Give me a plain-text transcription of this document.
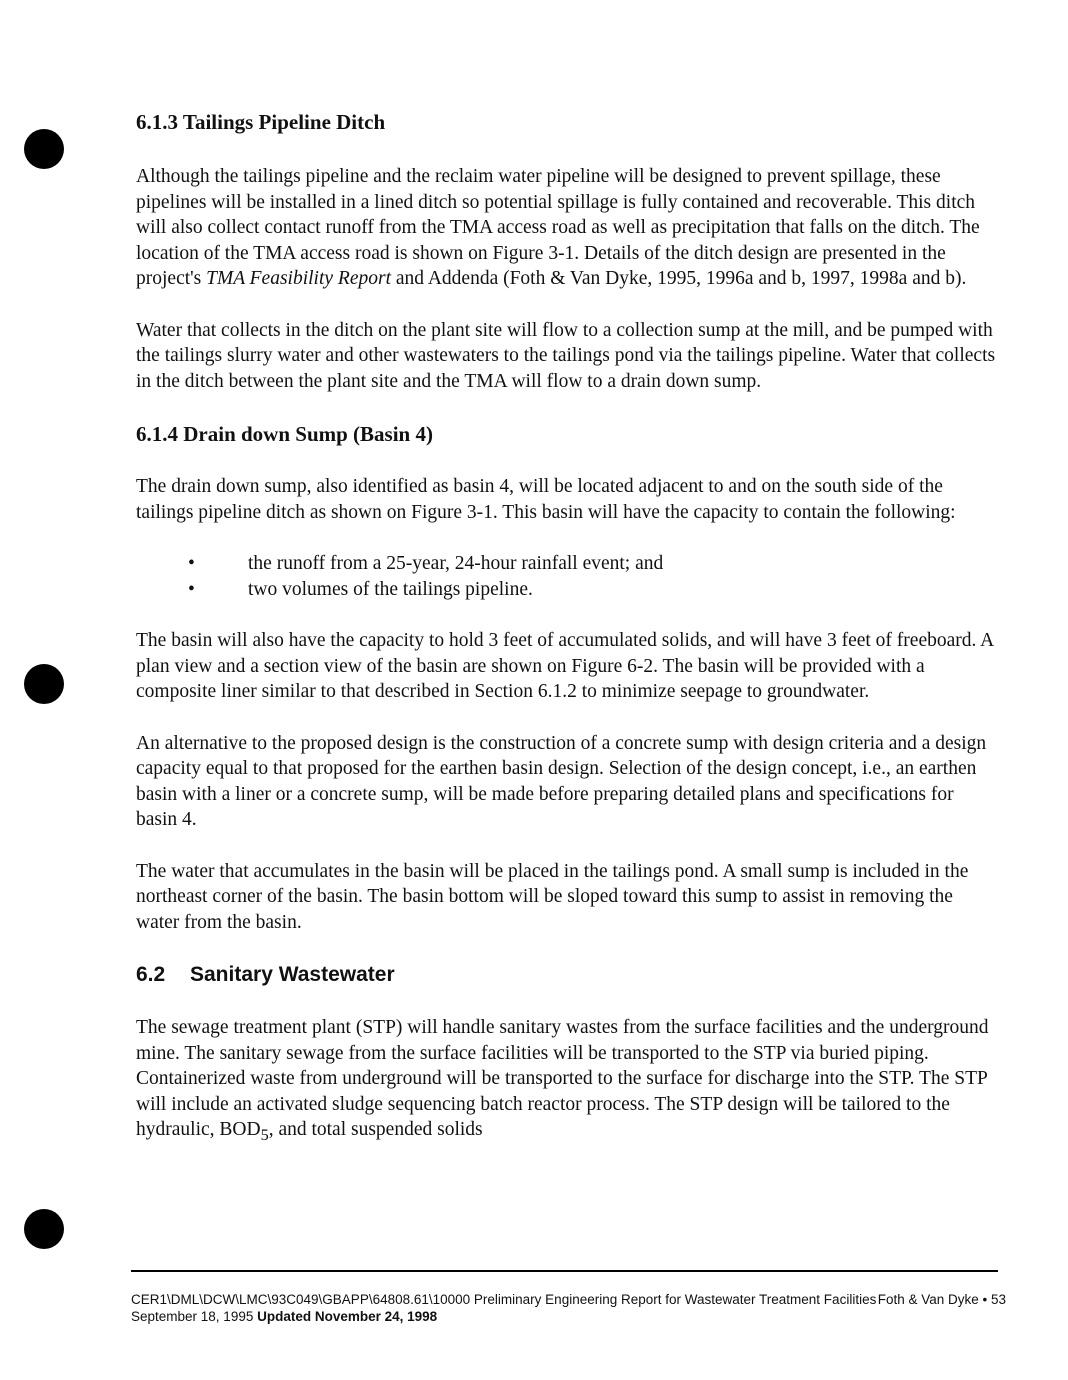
6.1.3 Tailings Pipeline Ditch

Although the tailings pipeline and the reclaim water pipeline will be designed to prevent spillage, these pipelines will be installed in a lined ditch so potential spillage is fully contained and recoverable. This ditch will also collect contact runoff from the TMA access road as well as precipitation that falls on the ditch. The location of the TMA access road is shown on Figure 3-1. Details of the ditch design are presented in the project's TMA Feasibility Report and Addenda (Foth & Van Dyke, 1995, 1996a and b, 1997, 1998a and b).

Water that collects in the ditch on the plant site will flow to a collection sump at the mill, and be pumped with the tailings slurry water and other wastewaters to the tailings pond via the tailings pipeline. Water that collects in the ditch between the plant site and the TMA will flow to a drain down sump.

6.1.4 Drain down Sump (Basin 4)

The drain down sump, also identified as basin 4, will be located adjacent to and on the south side of the tailings pipeline ditch as shown on Figure 3-1. This basin will have the capacity to contain the following:

•	the runoff from a 25-year, 24-hour rainfall event; and
•	two volumes of the tailings pipeline.

The basin will also have the capacity to hold 3 feet of accumulated solids, and will have 3 feet of freeboard. A plan view and a section view of the basin are shown on Figure 6-2. The basin will be provided with a composite liner similar to that described in Section 6.1.2 to minimize seepage to groundwater.

An alternative to the proposed design is the construction of a concrete sump with design criteria and a design capacity equal to that proposed for the earthen basin design. Selection of the design concept, i.e., an earthen basin with a liner or a concrete sump, will be made before preparing detailed plans and specifications for basin 4.

The water that accumulates in the basin will be placed in the tailings pond. A small sump is included in the northeast corner of the basin. The basin bottom will be sloped toward this sump to assist in removing the water from the basin.

6.2 Sanitary Wastewater

The sewage treatment plant (STP) will handle sanitary wastes from the surface facilities and the underground mine. The sanitary sewage from the surface facilities will be transported to the STP via buried piping. Containerized waste from underground will be transported to the surface for discharge into the STP. The STP will include an activated sludge sequencing batch reactor process. The STP design will be tailored to the hydraulic, $BOD_5$, and total suspended solids

CER1\DML\DCW\LMC\93C049\GBAPP\64808.61\10000 Preliminary Engineering Report for Wastewater Treatment Facilities Foth & Van Dyke • 53
September 18, 1995 Updated November 24, 1998
